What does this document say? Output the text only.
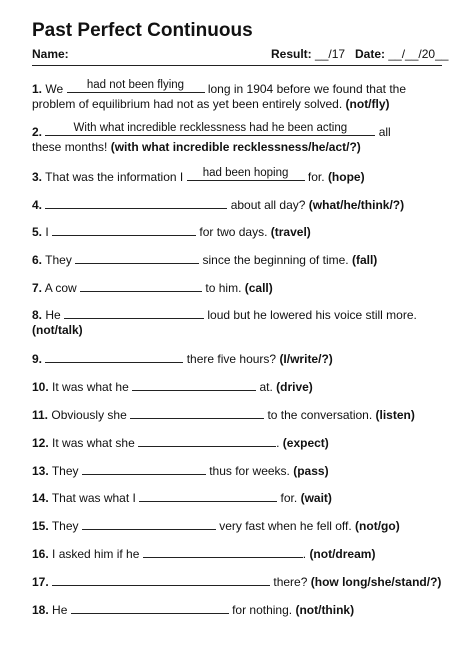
Past Perfect Continuous
Name:	Result: __/17 Date: __/__/20__
1. We	had not been flying	long in 1904 before we found that the
problem of equilibrium had not as yet been entirely solved. (not/fly)
2.	With what incredible recklessness had he been acting	all
these months! (with what incredible recklessness/he/act/?)
3. That was the information I	had been hoping	for. (hope)
4.	about all day? (what/he/think/?)
5. I	for two days. (travel)
6. They	since the beginning of time. (fall)
7. A cow	to him. (call)
8. He	loud but he lowered his voice still more.
(not/talk)
9.	there five hours? (I/write/?)
10. It was what he	at. (drive)
11. Obviously she	to the conversation. (listen)
12. It was what she	. (expect)
13. They	thus for weeks. (pass)
14. That was what I	for. (wait)
15. They	very fast when he fell off. (not/go)
16. I asked him if he	. (not/dream)
17.	there? (how long/she/stand/?)
18. He	for nothing. (not/think)
